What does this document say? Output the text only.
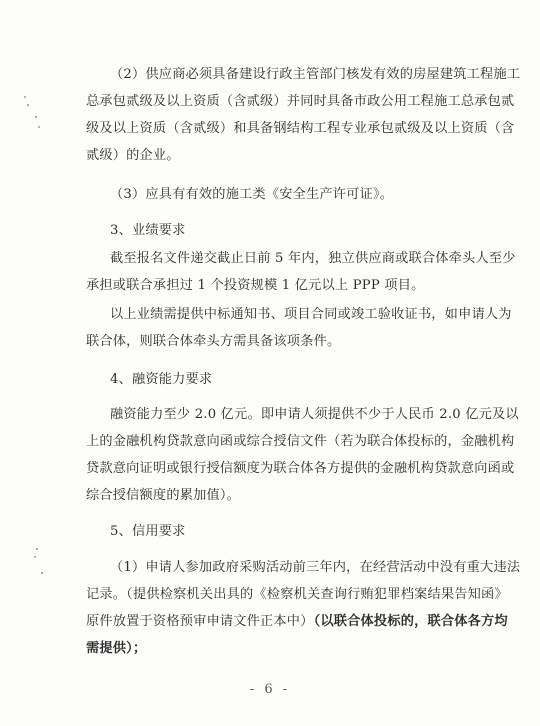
（2）供应商必须具备建设行政主管部门核发有效的房屋建筑工程施工
总承包贰级及以上资质（含贰级）并同时具备市政公用工程施工总承包贰
级及以上资质（含贰级）和具备钢结构工程专业承包贰级及以上资质（含
贰级）的企业。
（3）应具有有效的施工类《安全生产许可证》。
3、业绩要求
截至报名文件递交截止日前 5 年内，独立供应商或联合体牵头人至少
承担或联合承担过 1 个投资规模 1 亿元以上 PPP 项目。
以上业绩需提供中标通知书、项目合同或竣工验收证书，如申请人为
联合体，则联合体牵头方需具备该项条件。
4、融资能力要求
融资能力至少 2.0 亿元。即申请人须提供不少于人民币 2.0 亿元及以
上的金融机构贷款意向函或综合授信文件（若为联合体投标的，金融机构
贷款意向证明或银行授信额度为联合体各方提供的金融机构贷款意向函或
综合授信额度的累加值）。
5、信用要求
（1）申请人参加政府采购活动前三年内，在经营活动中没有重大违法
记录。（提供检察机关出具的《检察机关查询行贿犯罪档案结果告知函》
原件放置于资格预审申请文件正本中）（以联合体投标的，联合体各方均
需提供）；
- 6 -
